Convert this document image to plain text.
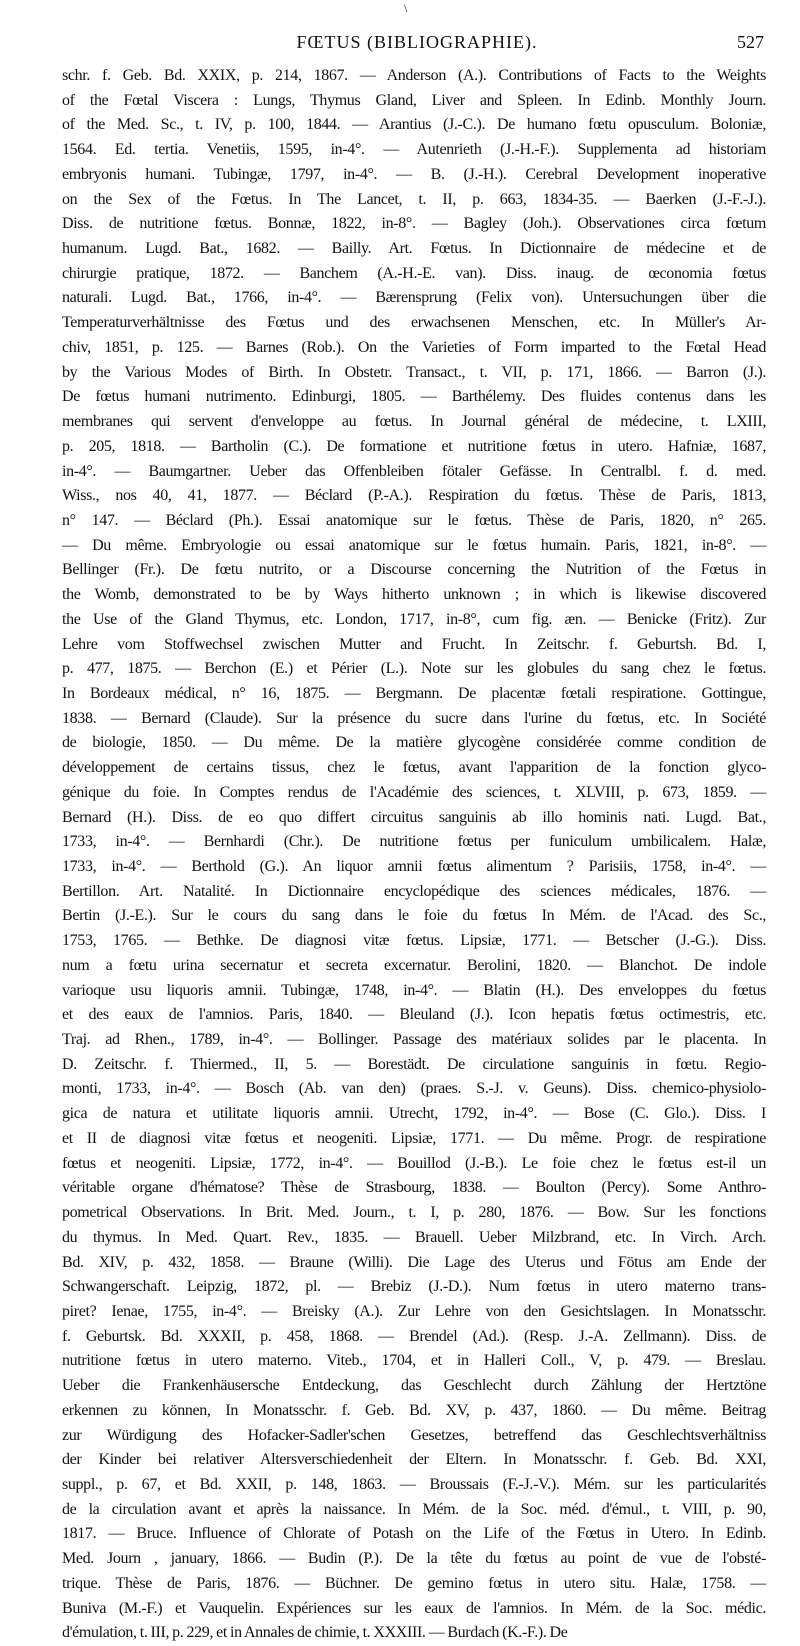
\
FŒTUS (BIBLIOGRAPHIE).	527
schr. f. Geb. Bd. XXIX, p. 214, 1867. — Anderson (A.). Contributions of Facts to the Weights
of the Fœtal Viscera : Lungs, Thymus Gland, Liver and Spleen. In Edinb. Monthly Journ.
of the Med. Sc., t. IV, p. 100, 1844. — Arantius (J.-C.). De humano fœtu opusculum. Boloniæ,
1564. Ed. tertia. Venetiis, 1595, in-4°. — Autenrieth (J.-H.-F.). Supplementa ad historiam
embryonis humani. Tubingæ, 1797, in-4°. — B. (J.-H.). Cerebral Development inoperative
on the Sex of the Fœtus. In The Lancet, t. II, p. 663, 1834-35. — Baerken (J.-F.-J.).
Diss. de nutritione fœtus. Bonnæ, 1822, in-8°. — Bagley (Joh.). Observationes circa fœtum
humanum. Lugd. Bat., 1682. — Bailly. Art. Fœtus. In Dictionnaire de médecine et de
chirurgie pratique, 1872. — Banchem (A.-H.-E. van). Diss. inaug. de œconomia fœtus
naturali. Lugd. Bat., 1766, in-4°. — Bærensprung (Felix von). Untersuchungen über die
Temperaturverhältnisse des Fœtus und des erwachsenen Menschen, etc. In Müller's Ar-
chiv, 1851, p. 125. — Barnes (Rob.). On the Varieties of Form imparted to the Fœtal Head
by the Various Modes of Birth. In Obstetr. Transact., t. VII, p. 171, 1866. — Barron (J.).
De fœtus humani nutrimento. Edinburgi, 1805. — Barthélemy. Des fluides contenus dans les
membranes qui servent d'enveloppe au fœtus. In Journal général de médecine, t. LXIII,
p. 205, 1818. — Bartholin (C.). De formatione et nutritione fœtus in utero. Hafniæ, 1687,
in-4°. — Baumgartner. Ueber das Offenbleiben fötaler Gefässe. In Centralbl. f. d. med.
Wiss., nos 40, 41, 1877. — Béclard (P.-A.). Respiration du fœtus. Thèse de Paris, 1813,
n° 147. — Béclard (Ph.). Essai anatomique sur le fœtus. Thèse de Paris, 1820, n° 265.
— Du même. Embryologie ou essai anatomique sur le fœtus humain. Paris, 1821, in-8°. —
Bellinger (Fr.). De fœtu nutrito, or a Discourse concerning the Nutrition of the Fœtus in
the Womb, demonstrated to be by Ways hitherto unknown ; in which is likewise discovered
the Use of the Gland Thymus, etc. London, 1717, in-8°, cum fig. æn. — Benicke (Fritz). Zur
Lehre vom Stoffwechsel zwischen Mutter and Frucht. In Zeitschr. f. Geburtsh. Bd. I,
p. 477, 1875. — Berchon (E.) et Périer (L.). Note sur les globules du sang chez le fœtus.
In Bordeaux médical, n° 16, 1875. — Bergmann. De placentæ fœtali respiratione. Gottingue,
1838. — Bernard (Claude). Sur la présence du sucre dans l'urine du fœtus, etc. In Société
de biologie, 1850. — Du même. De la matière glycogène considérée comme condition de
développement de certains tissus, chez le fœtus, avant l'apparition de la fonction glyco-
génique du foie. In Comptes rendus de l'Académie des sciences, t. XLVIII, p. 673, 1859. —
Bernard (H.). Diss. de eo quo differt circuitus sanguinis ab illo hominis nati. Lugd. Bat.,
1733, in-4°. — Bernhardi (Chr.). De nutritione fœtus per funiculum umbilicalem. Halæ,
1733, in-4°. — Berthold (G.). An liquor amnii fœtus alimentum ? Parisiis, 1758, in-4°. —
Bertillon. Art. Natalité. In Dictionnaire encyclopédique des sciences médicales, 1876. —
Bertin (J.-E.). Sur le cours du sang dans le foie du fœtus In Mém. de l'Acad. des Sc.,
1753, 1765. — Bethke. De diagnosi vitæ fœtus. Lipsiæ, 1771. — Betscher (J.-G.). Diss.
num a fœtu urina secernatur et secreta excernatur. Berolini, 1820. — Blanchot. De indole
varioque usu liquoris amnii. Tubingæ, 1748, in-4°. — Blatin (H.). Des enveloppes du fœtus
et des eaux de l'amnios. Paris, 1840. — Bleuland (J.). Icon hepatis fœtus octimestris, etc.
Traj. ad Rhen., 1789, in-4°. — Bollinger. Passage des matériaux solides par le placenta. In
D. Zeitschr. f. Thiermed., II, 5. — Borestädt. De circulatione sanguinis in fœtu. Regio-
monti, 1733, in-4°. — Bosch (Ab. van den) (praes. S.-J. v. Geuns). Diss. chemico-physiolo-
gica de natura et utilitate liquoris amnii. Utrecht, 1792, in-4°. — Bose (C. Glo.). Diss. I
et II de diagnosi vitæ fœtus et neogeniti. Lipsiæ, 1771. — Du même. Progr. de respiratione
fœtus et neogeniti. Lipsiæ, 1772, in-4°. — Bouillod (J.-B.). Le foie chez le fœtus est-il un
véritable organe d'hématose? Thèse de Strasbourg, 1838. — Boulton (Percy). Some Anthro-
pometrical Observations. In Brit. Med. Journ., t. I, p. 280, 1876. — Bow. Sur les fonctions
du thymus. In Med. Quart. Rev., 1835. — Brauell. Ueber Milzbrand, etc. In Virch. Arch.
Bd. XIV, p. 432, 1858. — Braune (Willi). Die Lage des Uterus und Fötus am Ende der
Schwangerschaft. Leipzig, 1872, pl. — Brebiz (J.-D.). Num fœtus in utero materno trans-
piret? Ienae, 1755, in-4°. — Breisky (A.). Zur Lehre von den Gesichtslagen. In Monatsschr.
f. Geburtsk. Bd. XXXII, p. 458, 1868. — Brendel (Ad.). (Resp. J.-A. Zellmann). Diss. de
nutritione fœtus in utero materno. Viteb., 1704, et in Halleri Coll., V, p. 479. — Breslau.
Ueber die Frankenhäusersche Entdeckung, das Geschlecht durch Zählung der Hertztöne
erkennen zu können, In Monatsschr. f. Geb. Bd. XV, p. 437, 1860. — Du même. Beitrag
zur Würdigung des Hofacker-Sadler'schen Gesetzes, betreffend das Geschlechtsverhältniss
der Kinder bei relativer Altersverschiedenheit der Eltern. In Monatsschr. f. Geb. Bd. XXI,
suppl., p. 67, et Bd. XXII, p. 148, 1863. — Broussais (F.-J.-V.). Mém. sur les particularités
de la circulation avant et après la naissance. In Mém. de la Soc. méd. d'émul., t. VIII, p. 90,
1817. — Bruce. Influence of Chlorate of Potash on the Life of the Fœtus in Utero. In Edinb.
Med. Journ , january, 1866. — Budin (P.). De la tête du fœtus au point de vue de l'obsté-
trique. Thèse de Paris, 1876. — Büchner. De gemino fœtus in utero situ. Halæ, 1758. —
Buniva (M.-F.) et Vauquelin. Expériences sur les eaux de l'amnios. In Mém. de la Soc. médic.
d'émulation, t. III, p. 229, et in Annales de chimie, t. XXXIII. — Burdach (K.-F.). De
